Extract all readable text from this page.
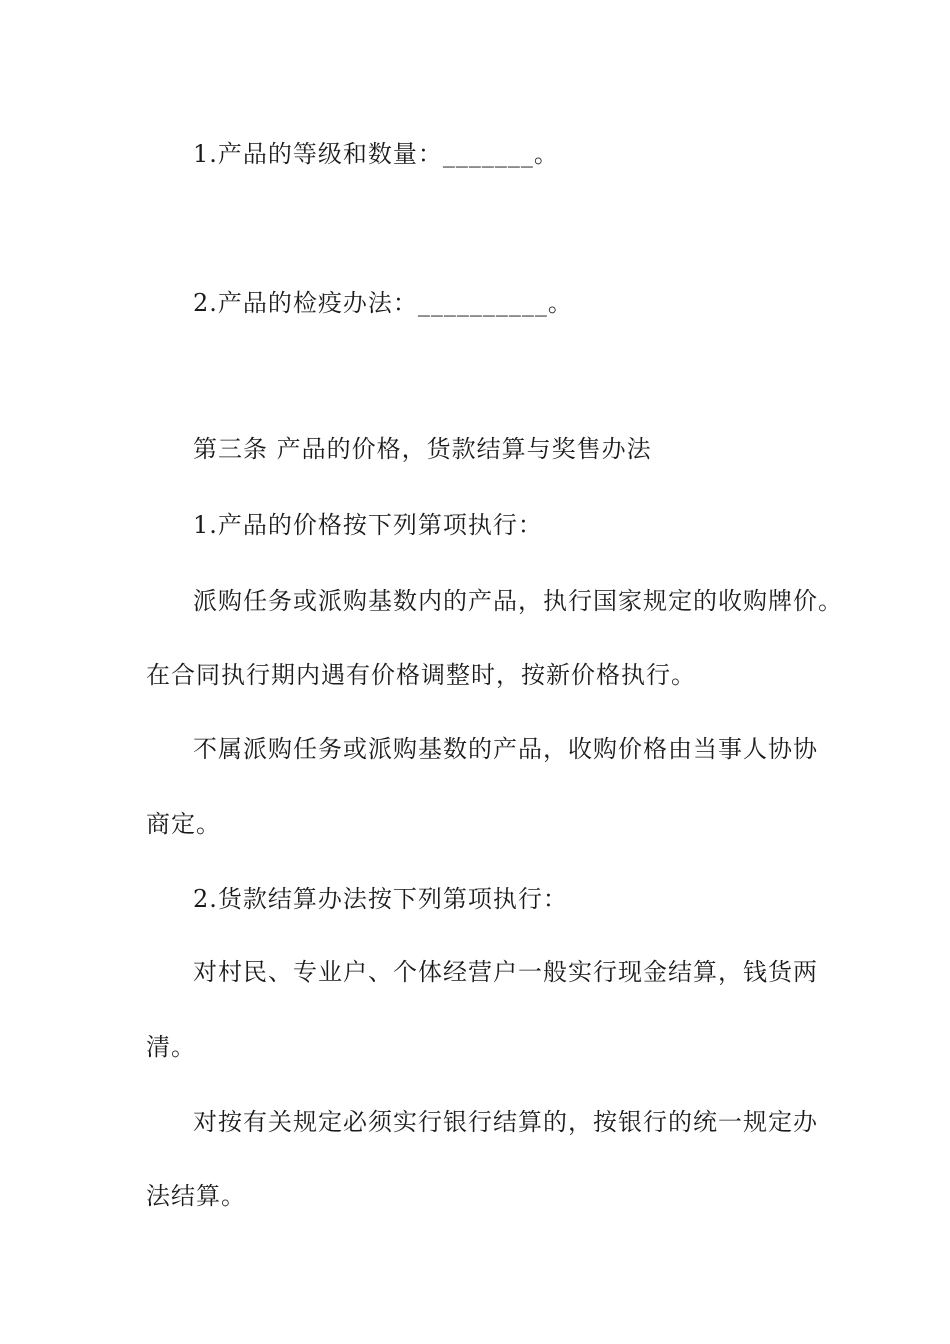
1.产品的等级和数量：_______。
2.产品的检疫办法：__________。
第三条 产品的价格，货款结算与奖售办法
1.产品的价格按下列第项执行：
派购任务或派购基数内的产品，执行国家规定的收购牌价。
在合同执行期内遇有价格调整时，按新价格执行。
不属派购任务或派购基数的产品，收购价格由当事人协协
商定。
2.货款结算办法按下列第项执行：
对村民、专业户、个体经营户一般实行现金结算，钱货两
清。
对按有关规定必须实行银行结算的，按银行的统一规定办
法结算。
